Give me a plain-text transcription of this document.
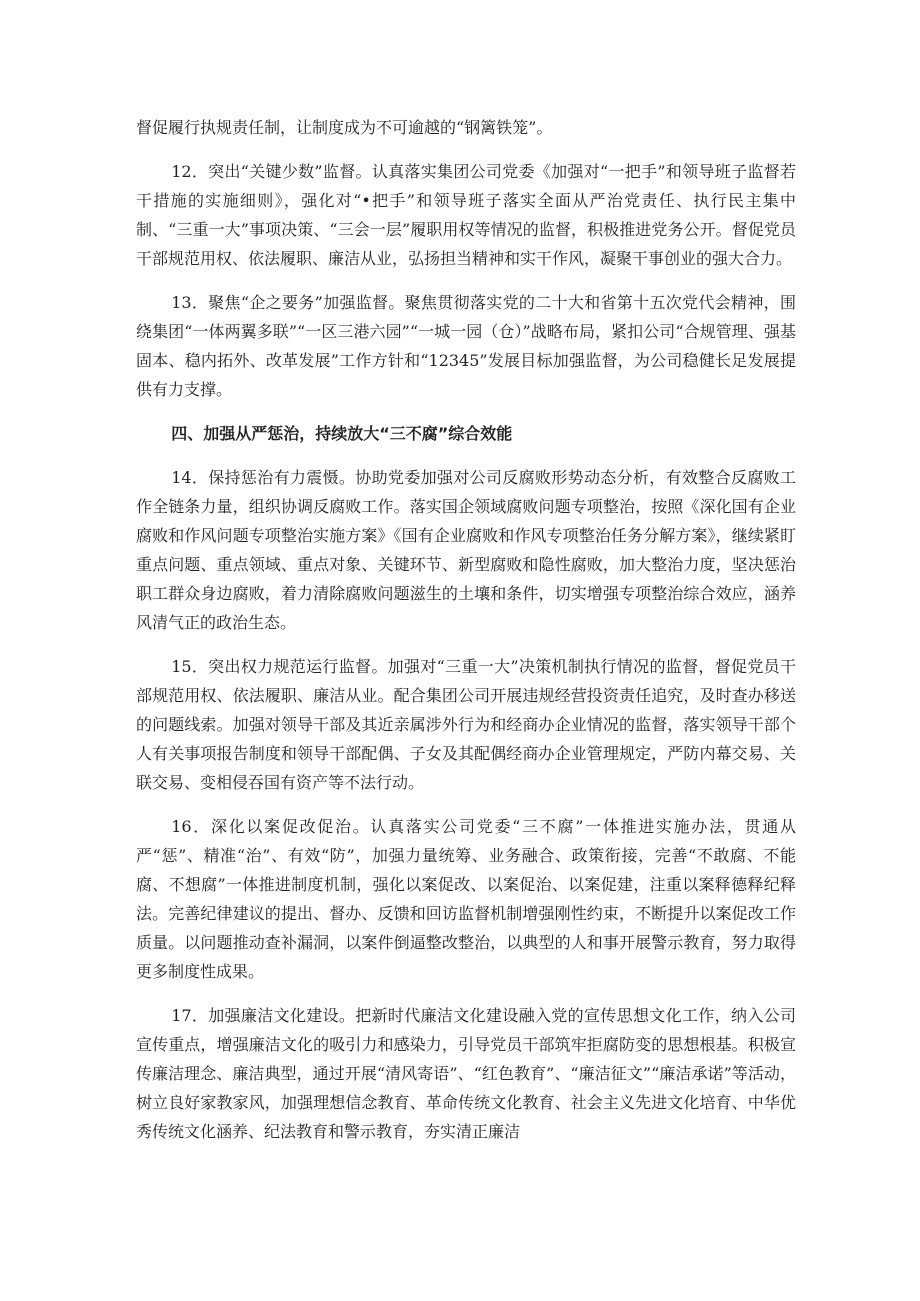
督促履行执规责任制，让制度成为不可逾越的“钢篱铁笼”。

12．突出“关键少数”监督。认真落实集团公司党委《加强对“一把手”和领导班子监督若干措施的实施细则》，强化对“•把手”和领导班子落实全面从严治党责任、执行民主集中制、“三重一大”事项决策、“三会一层”履职用权等情况的监督，积极推进党务公开。督促党员干部规范用权、依法履职、廉洁从业，弘扬担当精神和实干作风，凝聚干事创业的强大合力。

13．聚焦“企之要务”加强监督。聚焦贯彻落实党的二十大和省第十五次党代会精神，围绕集团“一体两翼多联”“一区三港六园”“一城一园（仓）”战略布局，紧扣公司“合规管理、强基固本、稳内拓外、改革发展”工作方针和“12345”发展目标加强监督，为公司稳健长足发展提供有力支撑。

四、加强从严惩治，持续放大“三不腐”综合效能

14．保持惩治有力震慑。协助党委加强对公司反腐败形势动态分析，有效整合反腐败工作全链条力量，组织协调反腐败工作。落实国企领域腐败问题专项整治，按照《深化国有企业腐败和作风问题专项整治实施方案》《国有企业腐败和作风专项整治任务分解方案》，继续紧盯重点问题、重点领域、重点对象、关键环节、新型腐败和隐性腐败，加大整治力度，坚决惩治职工群众身边腐败，着力清除腐败问题滋生的土壤和条件，切实增强专项整治综合效应，涵养风清气正的政治生态。

15．突出权力规范运行监督。加强对“三重一大”决策机制执行情况的监督，督促党员干部规范用权、依法履职、廉洁从业。配合集团公司开展违规经营投资责任追究，及时查办移送的问题线索。加强对领导干部及其近亲属涉外行为和经商办企业情况的监督，落实领导干部个人有关事项报告制度和领导干部配偶、子女及其配偶经商办企业管理规定，严防内幕交易、关联交易、变相侵吞国有资产等不法行动。

16．深化以案促改促治。认真落实公司党委“三不腐”一体推进实施办法，贯通从严“惩”、精准“治”、有效“防”，加强力量统筹、业务融合、政策衔接，完善“不敢腐、不能腐、不想腐”一体推进制度机制，强化以案促改、以案促治、以案促建，注重以案释德释纪释法。完善纪律建议的提出、督办、反馈和回访监督机制增强刚性约束，不断提升以案促改工作质量。以问题推动查补漏洞，以案件倒逼整改整治，以典型的人和事开展警示教育，努力取得更多制度性成果。

17．加强廉洁文化建设。把新时代廉洁文化建设融入党的宣传思想文化工作，纳入公司宣传重点，增强廉洁文化的吸引力和感染力，引导党员干部筑牢拒腐防变的思想根基。积极宣传廉洁理念、廉洁典型，通过开展“清风寄语”、“红色教育”、“廉洁征文”“廉洁承诺”等活动，树立良好家教家风，加强理想信念教育、革命传统文化教育、社会主义先进文化培育、中华优秀传统文化涵养、纪法教育和警示教育，夯实清正廉洁
